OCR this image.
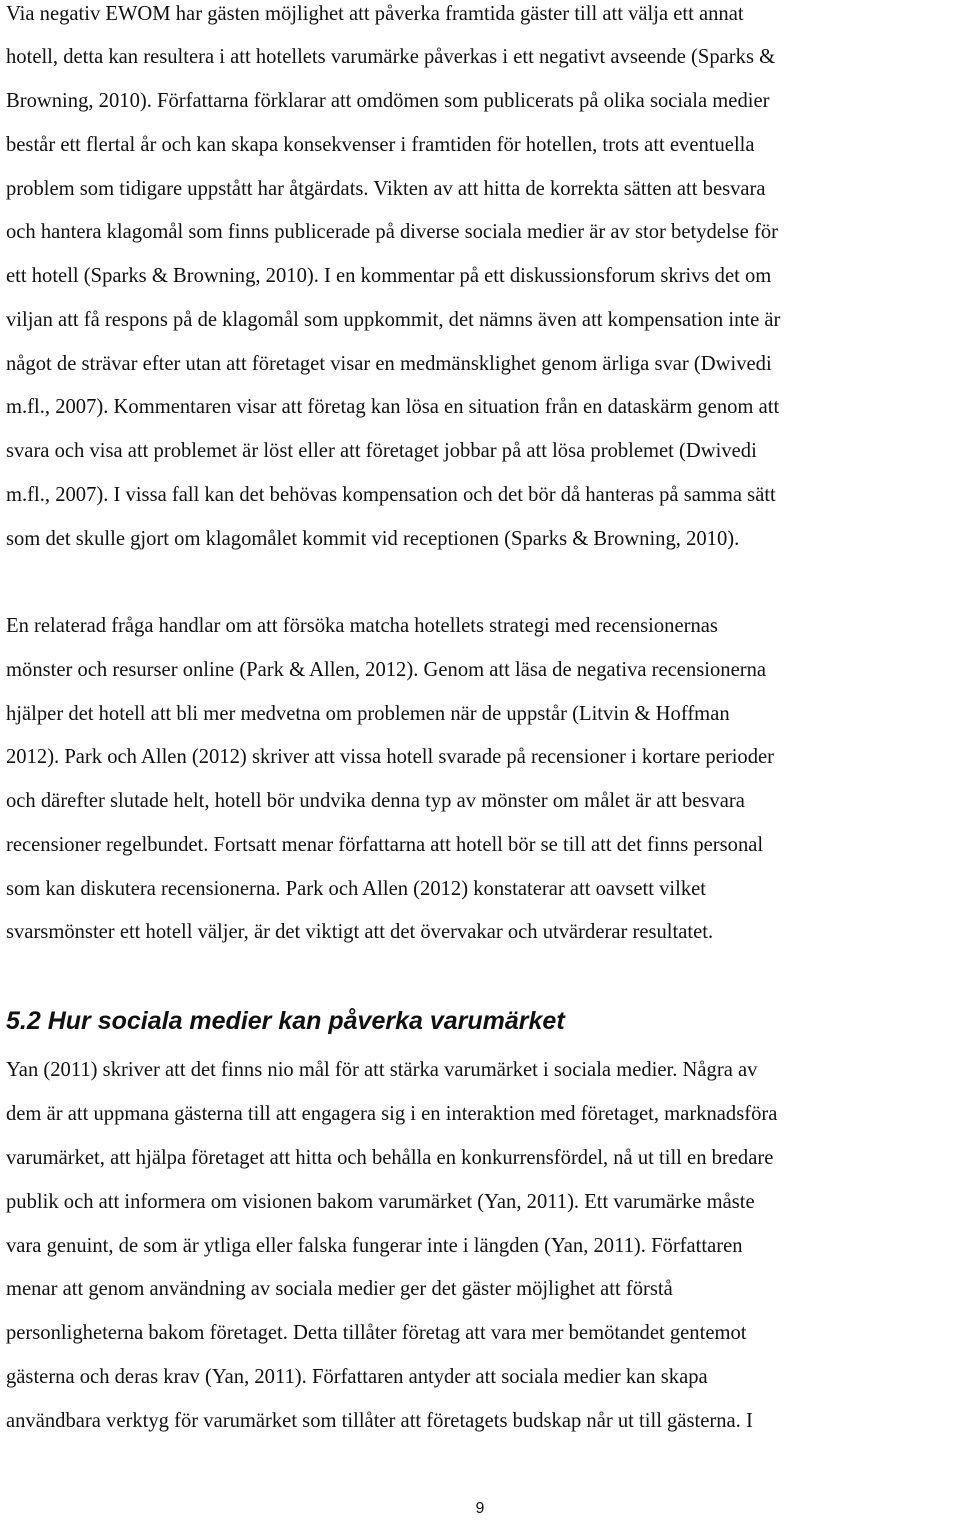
Via negativ EWOM har gästen möjlighet att påverka framtida gäster till att välja ett annat
hotell, detta kan resultera i att hotellets varumärke påverkas i ett negativt avseende (Sparks &
Browning, 2010). Författarna förklarar att omdömen som publicerats på olika sociala medier
består ett flertal år och kan skapa konsekvenser i framtiden för hotellen, trots att eventuella
problem som tidigare uppstått har åtgärdats. Vikten av att hitta de korrekta sätten att besvara
och hantera klagomål som finns publicerade på diverse sociala medier är av stor betydelse för
ett hotell (Sparks & Browning, 2010). I en kommentar på ett diskussionsforum skrivs det om
viljan att få respons på de klagomål som uppkommit, det nämns även att kompensation inte är
något de strävar efter utan att företaget visar en medmänsklighet genom ärliga svar (Dwivedi
m.fl., 2007). Kommentaren visar att företag kan lösa en situation från en dataskärm genom att
svara och visa att problemet är löst eller att företaget jobbar på att lösa problemet (Dwivedi
m.fl., 2007). I vissa fall kan det behövas kompensation och det bör då hanteras på samma sätt
som det skulle gjort om klagomålet kommit vid receptionen (Sparks & Browning, 2010).
En relaterad fråga handlar om att försöka matcha hotellets strategi med recensionernas
mönster och resurser online (Park & Allen, 2012). Genom att läsa de negativa recensionerna
hjälper det hotell att bli mer medvetna om problemen när de uppstår (Litvin & Hoffman
2012). Park och Allen (2012) skriver att vissa hotell svarade på recensioner i kortare perioder
och därefter slutade helt, hotell bör undvika denna typ av mönster om målet är att besvara
recensioner regelbundet. Fortsatt menar författarna att hotell bör se till att det finns personal
som kan diskutera recensionerna. Park och Allen (2012) konstaterar att oavsett vilket
svarsmönster ett hotell väljer, är det viktigt att det övervakar och utvärderar resultatet.
5.2 Hur sociala medier kan påverka varumärket
Yan (2011) skriver att det finns nio mål för att stärka varumärket i sociala medier. Några av
dem är att uppmana gästerna till att engagera sig i en interaktion med företaget, marknadsföra
varumärket, att hjälpa företaget att hitta och behålla en konkurrensfördel, nå ut till en bredare
publik och att informera om visionen bakom varumärket (Yan, 2011). Ett varumärke måste
vara genuint, de som är ytliga eller falska fungerar inte i längden (Yan, 2011). Författaren
menar att genom användning av sociala medier ger det gäster möjlighet att förstå
personligheterna bakom företaget. Detta tillåter företag att vara mer bemötandet gentemot
gästerna och deras krav (Yan, 2011). Författaren antyder att sociala medier kan skapa
användbara verktyg för varumärket som tillåter att företagets budskap når ut till gästerna. I
9
